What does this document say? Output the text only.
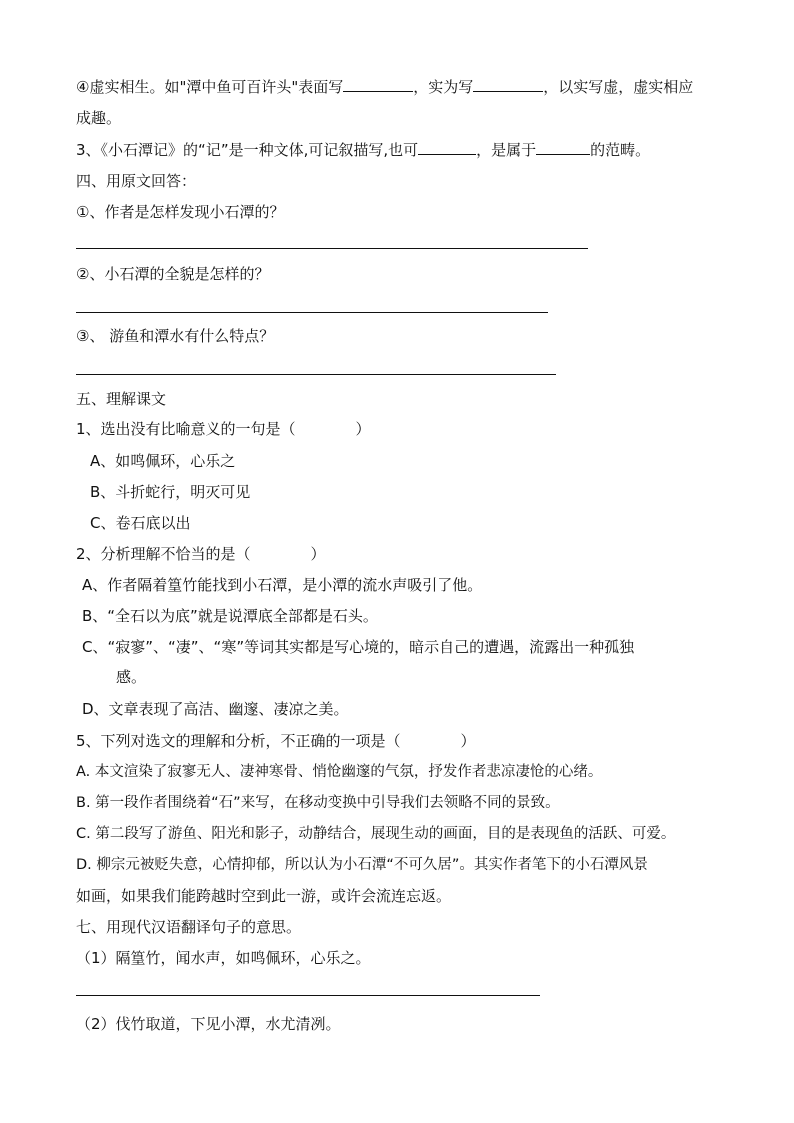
④虚实相生。如"潭中鱼可百许头"表面写	，实为写	，以实写虚，虚实相应
成趣。
3、《小石潭记》的“记”是一种文体,可记叙描写,也可	，是属于	的范畴。
四、用原文回答：
①、作者是怎样发现小石潭的？
②、小石潭的全貌是怎样的？
③、 游鱼和潭水有什么特点？
五、理解课文
1、选出没有比喻意义的一句是（	）
A、如鸣佩环，心乐之
B、斗折蛇行，明灭可见
C、卷石底以出
2、分析理解不恰当的是（	）
A、作者隔着篁竹能找到小石潭，是小潭的流水声吸引了他。
B、“全石以为底”就是说潭底全部都是石头。
C、“寂寥”、“凄”、“寒”等词其实都是写心境的，暗示自己的遭遇，流露出一种孤独
感。
D、文章表现了高洁、幽邃、凄凉之美。
5、下列对选文的理解和分析，不正确的一项是（	）
A. 本文渲染了寂寥无人、凄神寒骨、悄怆幽邃的气氛，抒发作者悲凉凄怆的心绪。
B. 第一段作者围绕着“石”来写，在移动变换中引导我们去领略不同的景致。
C. 第二段写了游鱼、阳光和影子，动静结合，展现生动的画面，目的是表现鱼的活跃、可爱。
D. 柳宗元被贬失意，心情抑郁，所以认为小石潭“不可久居”。其实作者笔下的小石潭风景
如画，如果我们能跨越时空到此一游，或许会流连忘返。
七、用现代汉语翻译句子的意思。
（1）隔篁竹，闻水声，如鸣佩环，心乐之。
（2）伐竹取道，下见小潭，水尤清冽。
